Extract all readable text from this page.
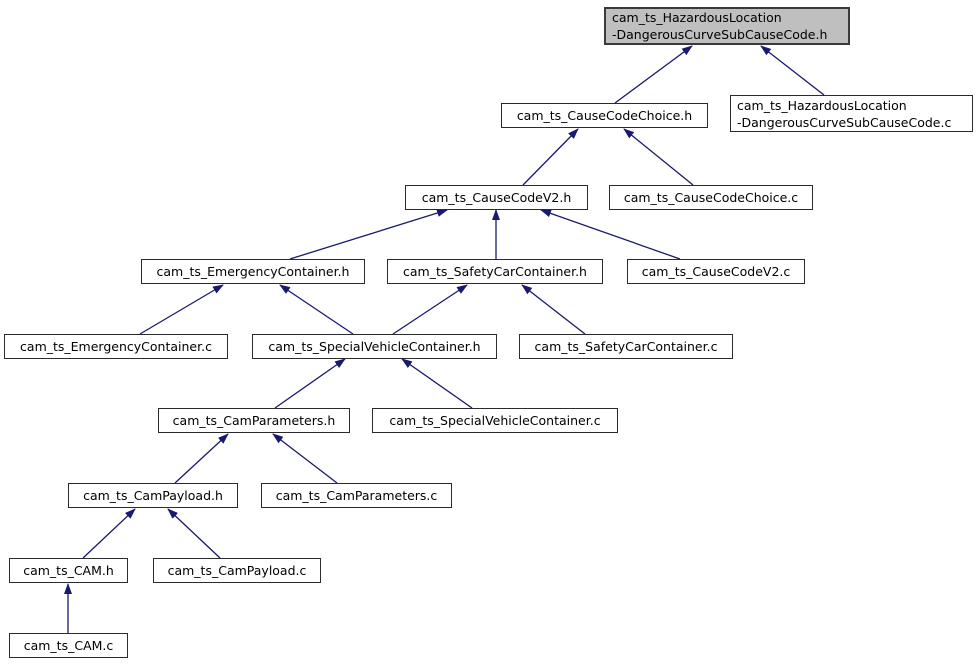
cam_ts_HazardousLocation
-DangerousCurveSubCauseCode.h
cam_ts_CauseCodeChoice.h
cam_ts_HazardousLocation
-DangerousCurveSubCauseCode.c
cam_ts_CauseCodeV2.h	cam_ts_CauseCodeChoice.c
cam_ts_EmergencyContainer.h	cam_ts_SafetyCarContainer.h	cam_ts_CauseCodeV2.c
cam_ts_EmergencyContainer.c	cam_ts_SpecialVehicleContainer.h	cam_ts_SafetyCarContainer.c
cam_ts_CamParameters.h	cam_ts_SpecialVehicleContainer.c
cam_ts_CamPayload.h	cam_ts_CamParameters.c
cam_ts_CAM.h	cam_ts_CamPayload.c
cam_ts_CAM.c
